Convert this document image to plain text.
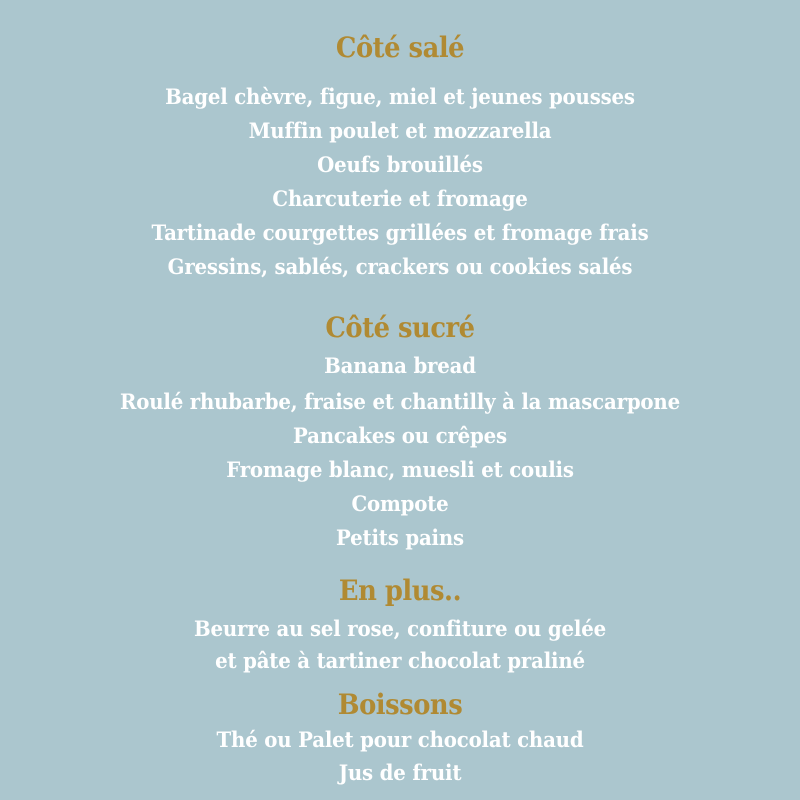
Côté salé
Bagel chèvre, figue, miel et jeunes pousses
Muffin poulet et mozzarella
Oeufs brouillés
Charcuterie et fromage
Tartinade courgettes grillées et fromage frais
Gressins, sablés, crackers ou cookies salés
Côté sucré
Banana bread
Roulé rhubarbe, fraise et chantilly à la mascarpone
Pancakes ou crêpes
Fromage blanc, muesli et coulis
Compote
Petits pains
En plus..
Beurre au sel rose, confiture ou gelée
et pâte à tartiner chocolat praliné
Boissons
Thé ou Palet pour chocolat chaud
Jus de fruit
